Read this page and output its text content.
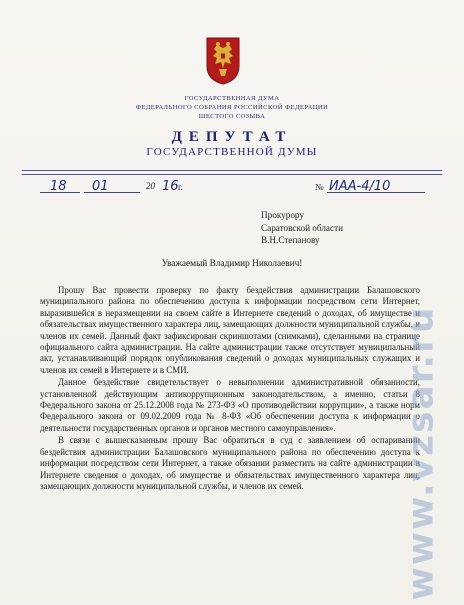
ГОСУДАРСТВЕННАЯ ДУМА
ФЕДЕРАЛЬНОГО СОБРАНИЯ РОССИЙСКОЙ ФЕДЕРАЦИИ
ШЕСТОГО СОЗЫВА
ДЕПУТАТ
ГОСУДАРСТВЕННОЙ ДУМЫ
18 01	20 16 г.	№ ИАА-4/10
Прокурору
Саратовской области
В.Н.Степанову
Уважаемый Владимир Николаевич!

Прошу Вас провести проверку по факту бездействия администрации Балашовского муниципального района по обеспечению доступа к информации посредством сети Интернет, выразившейся в неразмещении на своем сайте в Интернете сведений о доходах, об имуществе и обязательствах имущественного характера лиц, замещающих должности муниципальной службы, и членов их семей. Данный факт зафиксирован скриншотами (снимками), сделанными на странице официального сайта администрации. На сайте администрации также отсутствует муниципальный акт, устанавливающий порядок опубликования сведений о доходах муниципальных служащих и членов их семей в Интернете и в СМИ.

Данное бездействие свидетельствует о невыполнении административной обязанности, установленной действующим антикоррупционным законодательством, а именно, статьи 8 Федерального закона от 25.12.2008 года № 273-ФЗ «О противодействии коррупции», а также норм Федерального закона от 09.02.2009 года № 8-ФЗ «Об обеспечении доступа к информации о деятельности государственных органов и органов местного самоуправления».

В связи с вышесказанным прошу Вас обратиться в суд с заявлением об оспаривании бездействия администрации Балашовского муниципального района по обеспечению доступа к информации посредством сети Интернет, а также обязании разместить на сайте администрации в Интернете сведения о доходах, об имуществе и обязательствах имущественного характера лиц, замещающих должности муниципальной службы, и членов их семей.	www.vzsar.ru
